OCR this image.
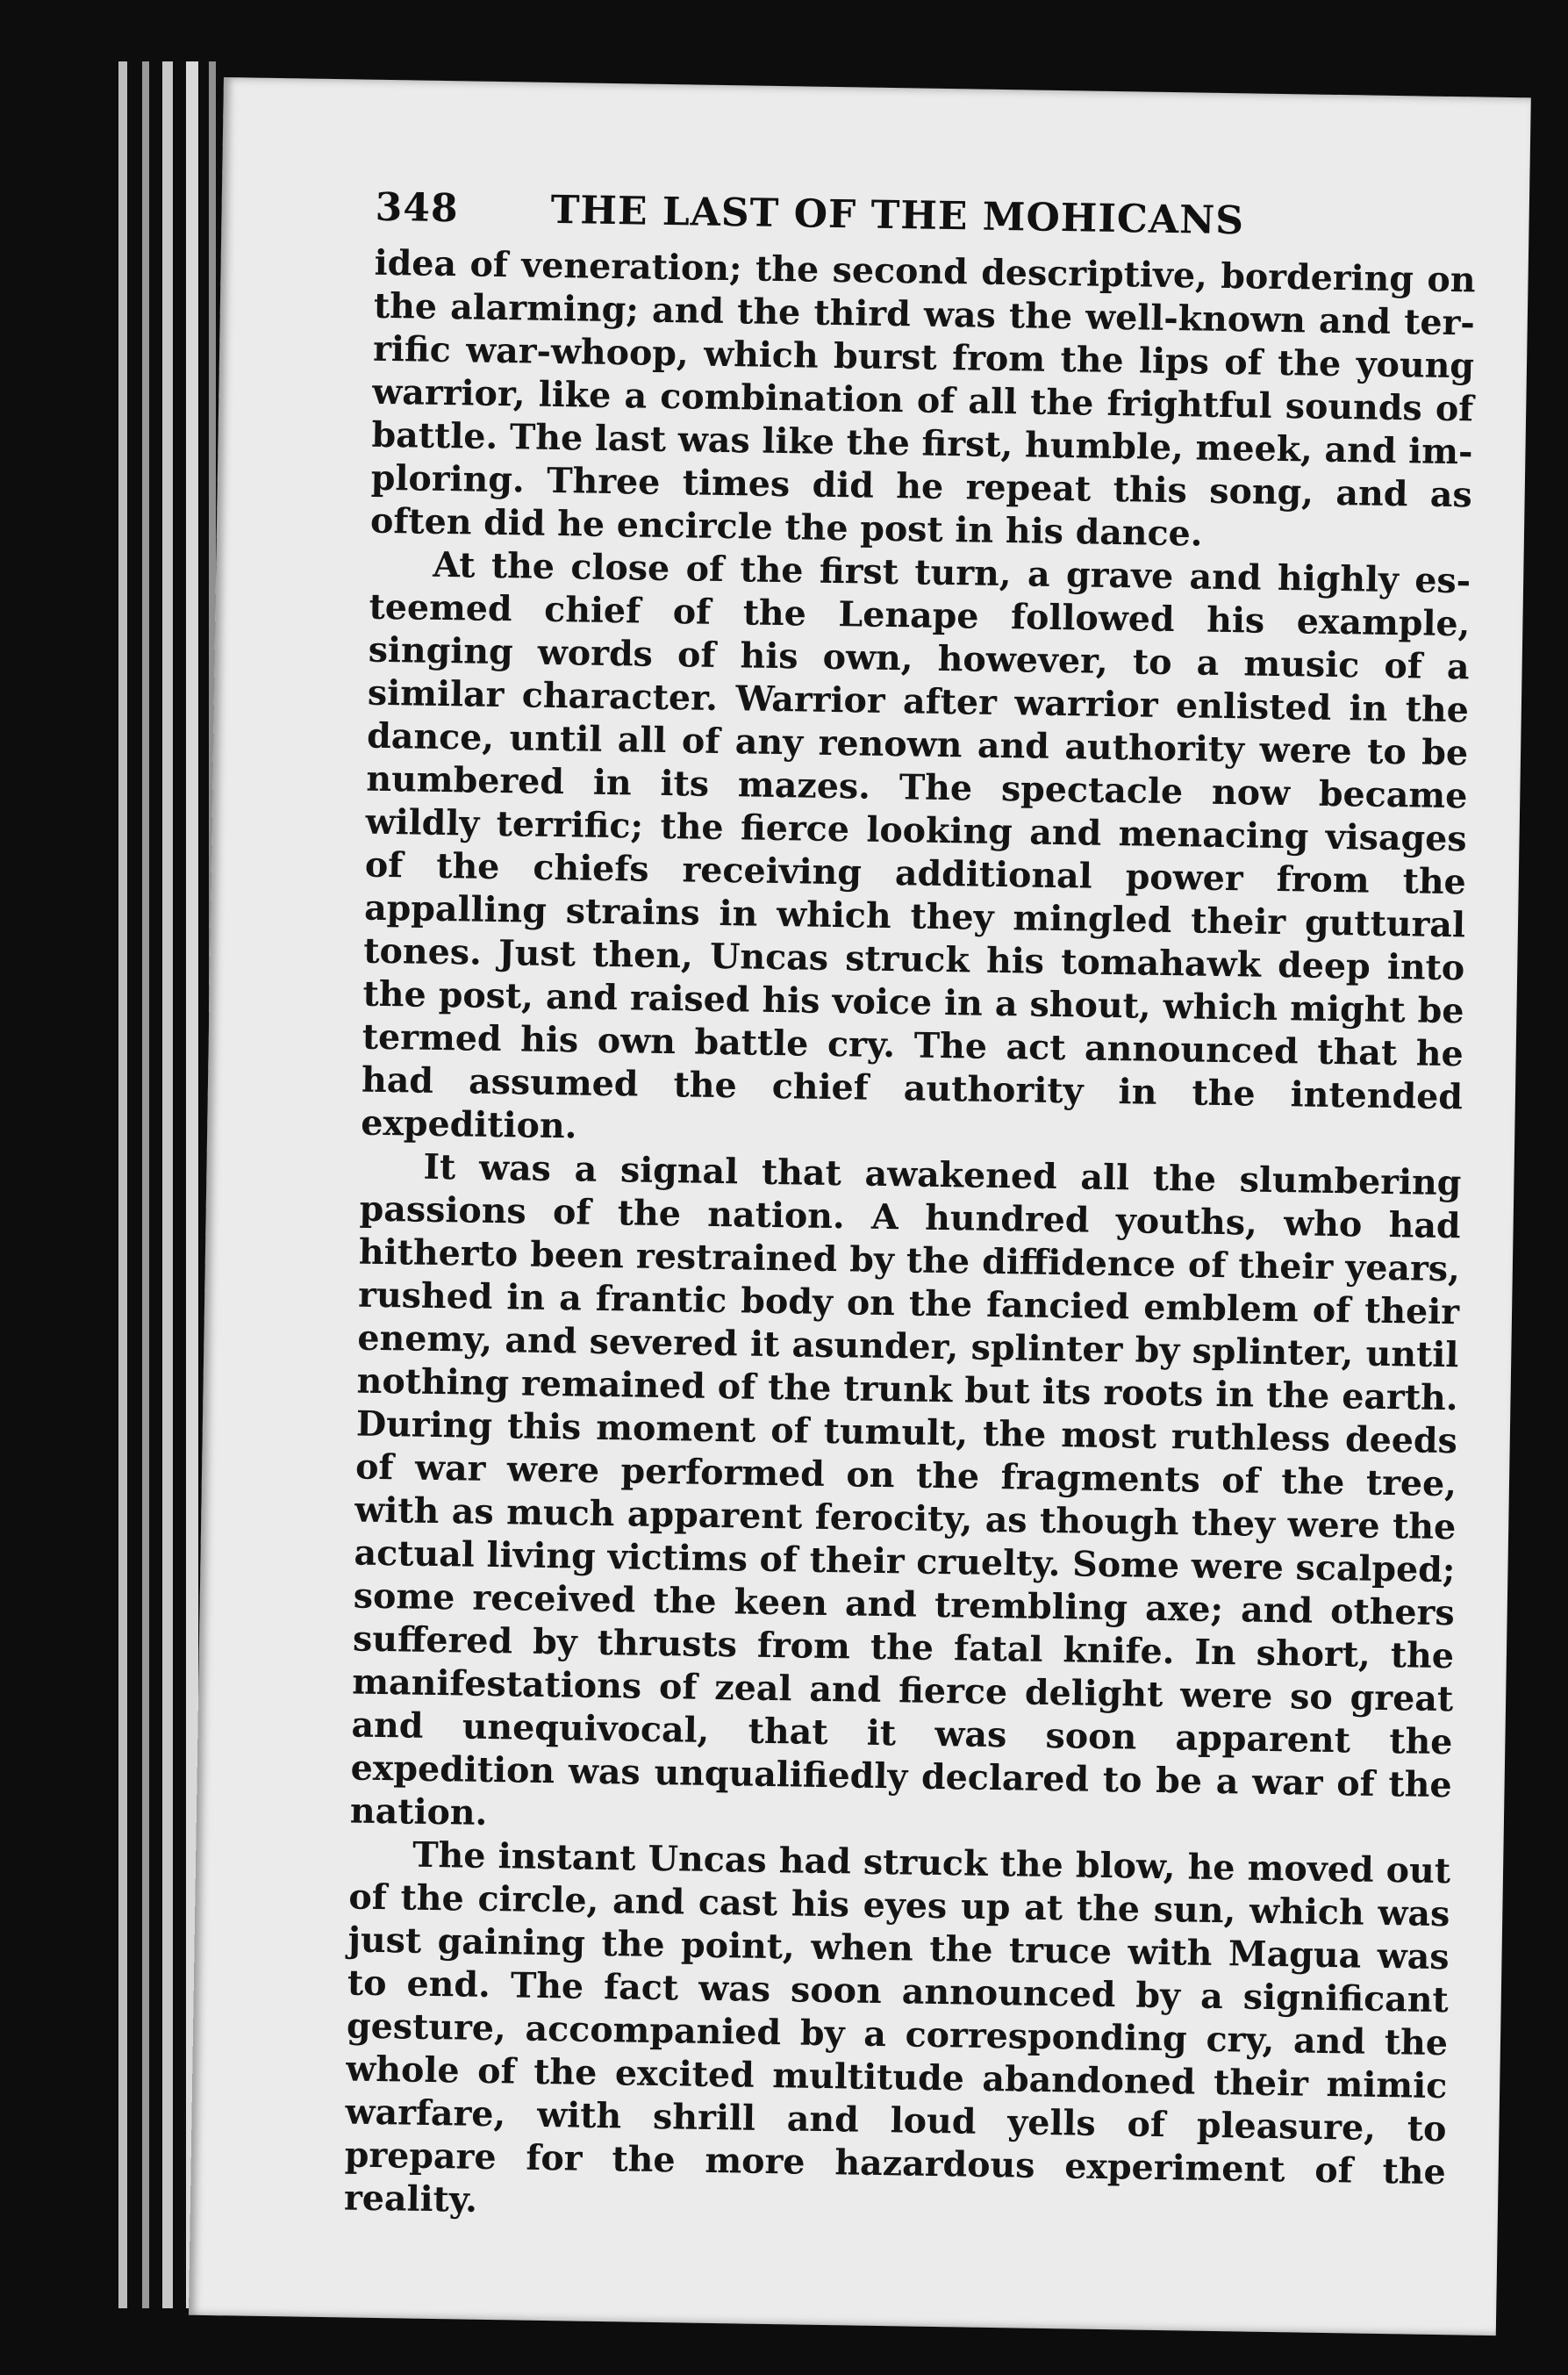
348	THE LAST OF THE MOHICANS

idea of veneration; the second descriptive, bordering on the alarming; and the third was the well-known and terrific war-whoop, which burst from the lips of the young warrior, like a combination of all the frightful sounds of battle. The last was like the first, humble, meek, and imploring. Three times did he repeat this song, and as often did he encircle the post in his dance.

At the close of the first turn, a grave and highly esteemed chief of the Lenape followed his example, singing words of his own, however, to a music of a similar character. Warrior after warrior enlisted in the dance, until all of any renown and authority were to be numbered in its mazes. The spectacle now became wildly terrific; the fierce looking and menacing visages of the chiefs receiving additional power from the appalling strains in which they mingled their guttural tones. Just then, Uncas struck his tomahawk deep into the post, and raised his voice in a shout, which might be termed his own battle cry. The act announced that he had assumed the chief authority in the intended expedition.

It was a signal that awakened all the slumbering passions of the nation. A hundred youths, who had hitherto been restrained by the diffidence of their years, rushed in a frantic body on the fancied emblem of their enemy, and severed it asunder, splinter by splinter, until nothing remained of the trunk but its roots in the earth. During this moment of tumult, the most ruthless deeds of war were performed on the fragments of the tree, with as much apparent ferocity, as though they were the actual living victims of their cruelty. Some were scalped; some received the keen and trembling axe; and others suffered by thrusts from the fatal knife. In short, the manifestations of zeal and fierce delight were so great and unequivocal, that it was soon apparent the expedition was unqualifiedly declared to be a war of the nation.

The instant Uncas had struck the blow, he moved out of the circle, and cast his eyes up at the sun, which was just gaining the point, when the truce with Magua was to end. The fact was soon announced by a significant gesture, accompanied by a corresponding cry, and the whole of the excited multitude abandoned their mimic warfare, with shrill and loud yells of pleasure, to prepare for the more hazardous experiment of the reality.
